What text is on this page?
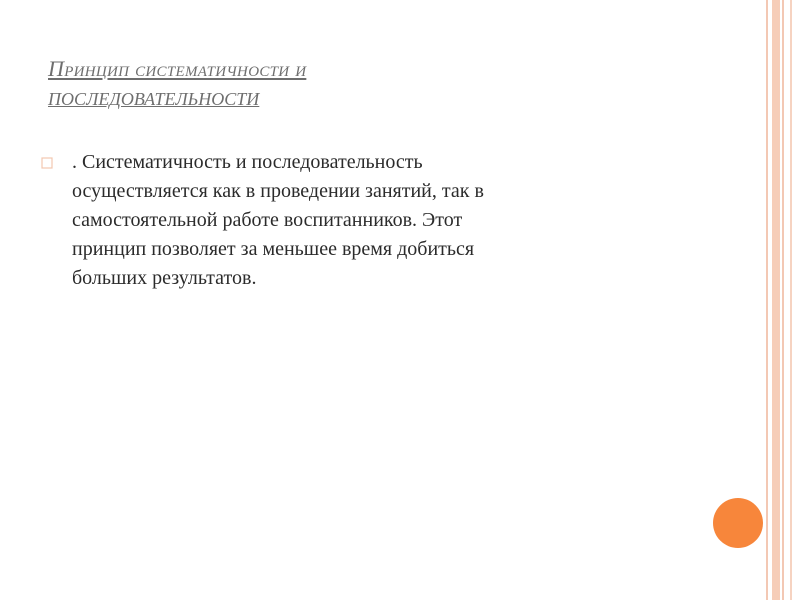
Принцип систематичности и
ПОСЛЕДОВАТЕЛЬНОСТИ
. Систематичность и последовательность
осуществляется как в проведении занятий, так в
самостоятельной работе воспитанников. Этот
принцип позволяет за меньшее время добиться
больших результатов.
